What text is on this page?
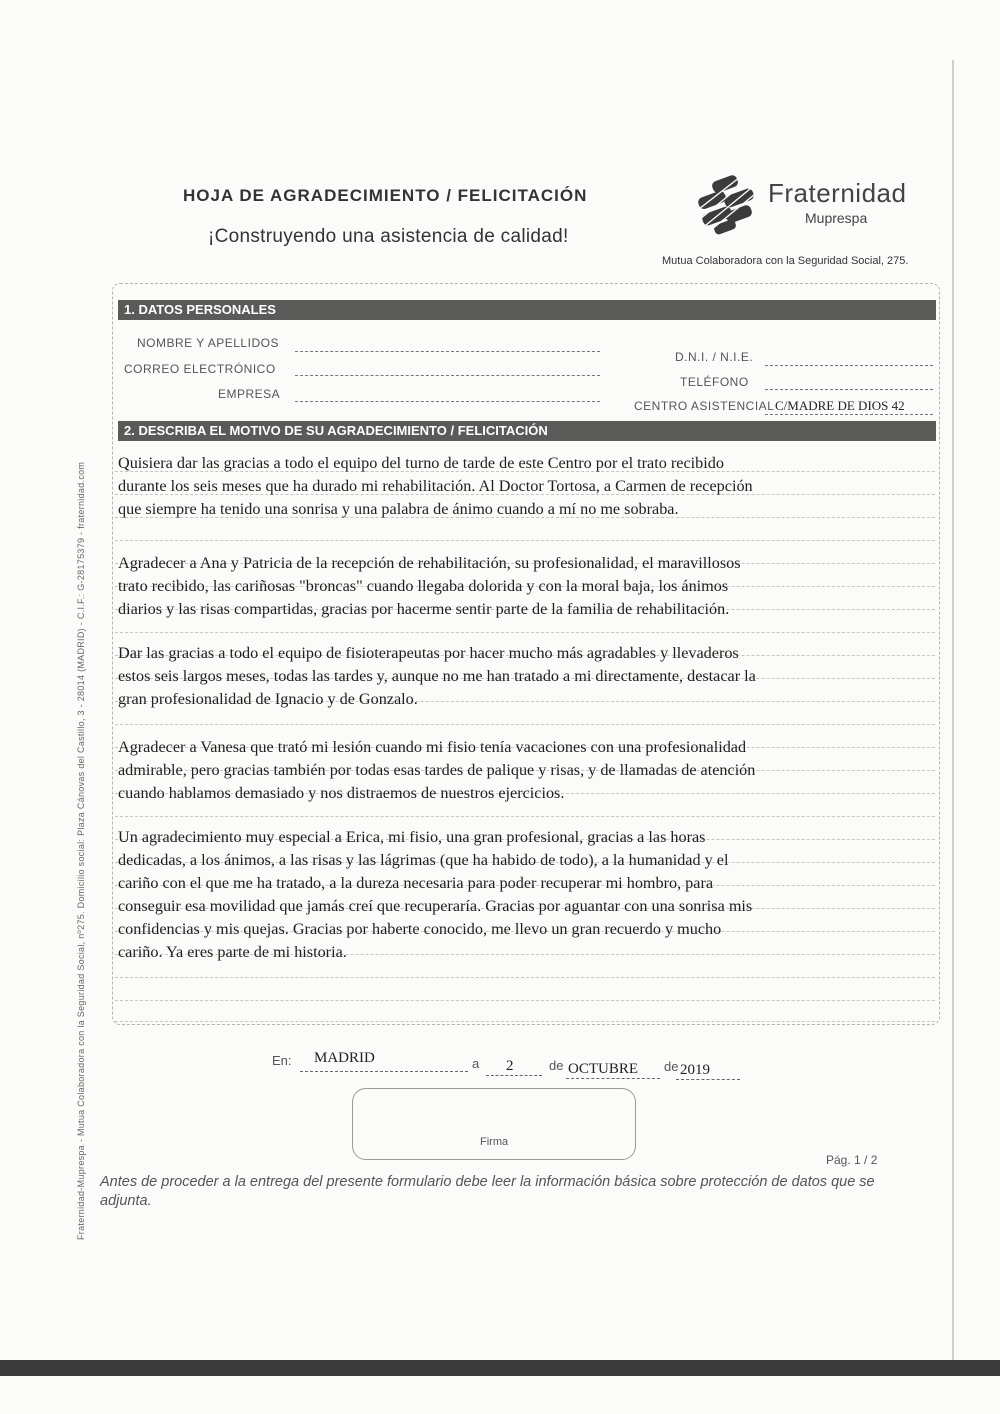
HOJA DE AGRADECIMIENTO / FELICITACIÓN
¡Construyendo una asistencia de calidad!
Fraternidad
Muprespa
Mutua Colaboradora con la Seguridad Social, 275.
1. DATOS PERSONALES
NOMBRE Y APELLIDOS
CORREO ELECTRÓNICO
EMPRESA
D.N.I. / N.I.E.
TELÉFONO
CENTRO ASISTENCIAL C/MADRE DE DIOS 42
2. DESCRIBA EL MOTIVO DE SU AGRADECIMIENTO / FELICITACIÓN
Quisiera dar las gracias a todo el equipo del turno de tarde de este Centro por el trato recibido
durante los seis meses que ha durado mi rehabilitación. Al Doctor Tortosa, a Carmen de recepción
que siempre ha tenido una sonrisa y una palabra de ánimo cuando a mí no me sobraba.
Agradecer a Ana y Patricia de la recepción de rehabilitación, su profesionalidad, el maravillosos
trato recibido, las cariñosas "broncas" cuando llegaba dolorida y con la moral baja, los ánimos
diarios y las risas compartidas, gracias por hacerme sentir parte de la familia de rehabilitación.
Dar las gracias a todo el equipo de fisioterapeutas por hacer mucho más agradables y llevaderos
estos seis largos meses, todas las tardes y, aunque no me han tratado a mi directamente, destacar la
gran profesionalidad de Ignacio y de Gonzalo.
Agradecer a Vanesa que trató mi lesión cuando mi fisio tenía vacaciones con una profesionalidad
admirable, pero gracias también por todas esas tardes de palique y risas, y de llamadas de atención
cuando hablamos demasiado y nos distraemos de nuestros ejercicios.
Un agradecimiento muy especial a Erica, mi fisio, una gran profesional, gracias a las horas
dedicadas, a los ánimos, a las risas y las lágrimas (que ha habido de todo), a la humanidad y el
cariño con el que me ha tratado, a la dureza necesaria para poder recuperar mi hombro, para
conseguir esa movilidad que jamás creí que recuperaría. Gracias por aguantar con una sonrisa mis
confidencias y mis quejas. Gracias por haberte conocido, me llevo un gran recuerdo y mucho
cariño. Ya eres parte de mi historia.
En: MADRID	a 2	de OCTUBRE de 2019
Firma
Pág. 1 / 2
Antes de proceder a la entrega del presente formulario debe leer la información básica sobre protección de datos que se adjunta.
Fraternidad-Muprespa - Mutua Colaboradora con la Seguridad Social, nº275. Domicilio social: Plaza Cánovas del Castillo, 3 - 28014 (MADRID) - C.I.F.: G-28175379 - fraternidad.com
